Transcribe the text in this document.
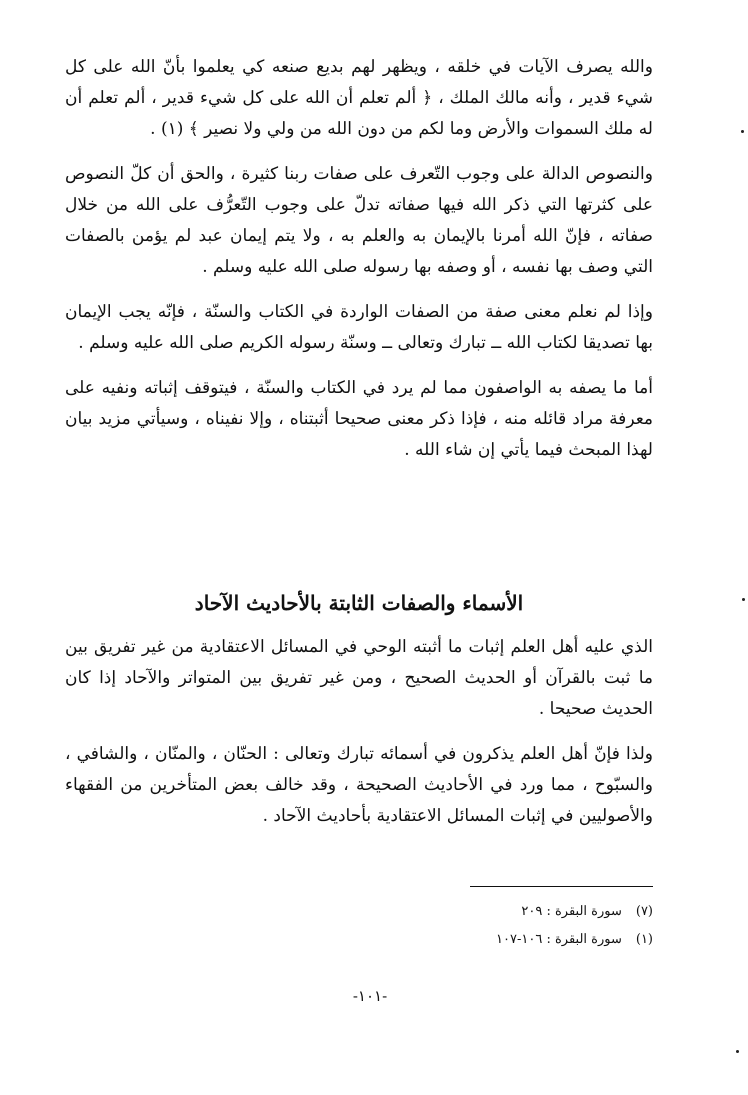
والله يصرف الآيات في خلقه ، ويظهر لهم بديع صنعه كي يعلموا بأنّ الله على كل شيء قدير ، وأنه مالك الملك ، ﴿ ألم تعلم أن الله على كل شيء قدير ، ألم تعلم أن له ملك السموات والأرض وما لكم من دون الله من ولي ولا نصير ﴾ (١) .

والنصوص الدالة على وجوب التّعرف على صفات ربنا كثيرة ، والحق أن كلّ النصوص على كثرتها التي ذكر الله فيها صفاته تدلّ على وجوب التّعرُّف على الله من خلال صفاته ، فإنّ الله أمرنا بالإيمان به والعلم به ، ولا يتم إيمان عبد لم يؤمن بالصفات التي وصف بها نفسه ، أو وصفه بها رسوله صلى الله عليه وسلم .

وإذا لم نعلم معنى صفة من الصفات الواردة في الكتاب والسنّة ، فإنّه يجب الإيمان بها تصديقا لكتاب الله ــ تبارك وتعالى ــ وسنّة رسوله الكريم صلى الله عليه وسلم .

أما ما يصفه به الواصفون مما لم يرد في الكتاب والسنّة ، فيتوقف إثباته ونفيه على معرفة مراد قائله منه ، فإذا ذكر معنى صحيحا أثبتناه ، وإلا نفيناه ، وسيأتي مزيد بيان لهذا المبحث فيما يأتي إن شاء الله .

الأسماء والصفات الثابتة بالأحاديث الآحاد

الذي عليه أهل العلم إثبات ما أثبته الوحي في المسائل الاعتقادية من غير تفريق بين ما ثبت بالقرآن أو الحديث الصحيح ، ومن غير تفريق بين المتواتر والآحاد إذا كان الحديث صحيحا .

ولذا فإنّ أهل العلم يذكرون في أسمائه تبارك وتعالى : الحنّان ، والمنّان ، والشافي ، والسبّوح ، مما ورد في الأحاديث الصحيحة ، وقد خالف بعض المتأخرين من الفقهاء والأصوليين في إثبات المسائل الاعتقادية بأحاديث الآحاد .

(٧)سورة البقرة : ٢٠٩

(١)سورة البقرة : ١٠٦-١٠٧

-١٠١-
